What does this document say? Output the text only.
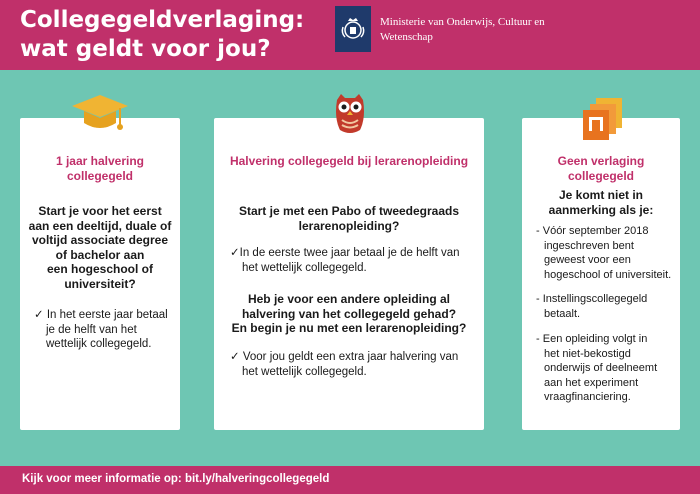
Collegegeldverlaging:
wat geldt voor jou?
Ministerie van Onderwijs, Cultuur en
Wetenschap
1 jaar halvering
collegegeld
Start je voor het eerst
aan een deeltijd, duale of
voltijd associate degree
of bachelor aan
een hogeschool of
universiteit?
✓ In het eerste jaar betaal
je de helft van het
wettelijk collegegeld.
Halvering collegegeld bij lerarenopleiding
Start je met een Pabo of tweedegraads
lerarenopleiding?
✓In de eerste twee jaar betaal je de helft van
het wettelijk collegegeld.
Heb je voor een andere opleiding al
halvering van het collegegeld gehad?
En begin je nu met een lerarenopleiding?
✓ Voor jou geldt een extra jaar halvering van
het wettelijk collegegeld.
Geen verlaging
collegegeld
Je komt niet in
aanmerking als je:
- Vóór september 2018
ingeschreven bent
geweest voor een
hogeschool of universiteit.
- Instellingscollegegeld
betaalt.
- Een opleiding volgt in
het niet-bekostigd
onderwijs of deelneemt
aan het experiment
vraagfinanciering.
Kijk voor meer informatie op: bit.ly/halveringcollegegeld
